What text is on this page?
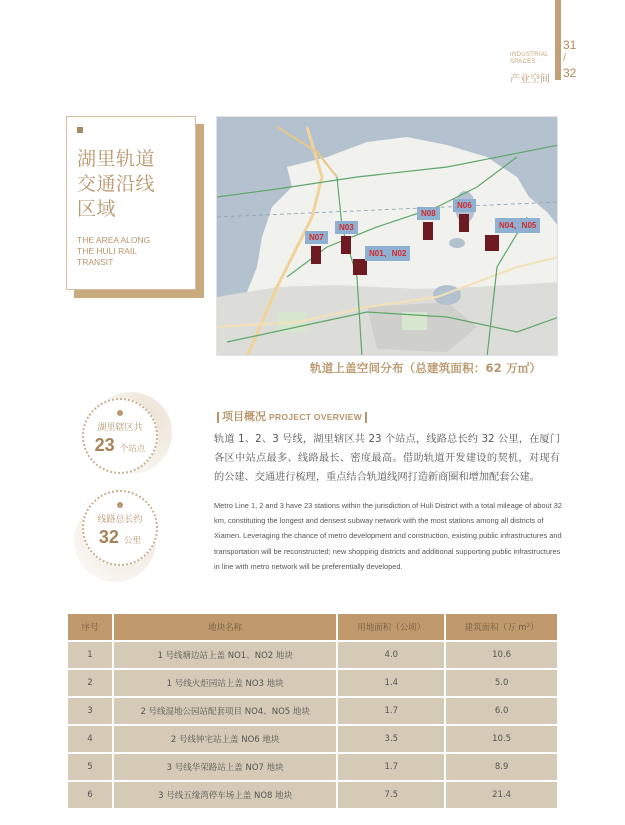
INDUSTRIAL SPACES
产业空间
31
/
32
湖里轨道
交通沿线
区域
THE AREA ALONG
THE HULI RAIL
TRANSIT
N07
N03
N01、N02
N08
N06
N04、N05
轨道上盖空间分布（总建筑面积：62 万㎡）
湖里辖区共
23 个站点
线路总长约
32 公里
项目概况 PROJECT OVERVIEW
轨道 1、2、3 号线，湖里辖区共 23 个站点，线路总长约 32 公里，在厦门各区中站点最多、线路最长、密度最高。借助轨道开发建设的契机，对现有的公建、交通进行梳理，重点结合轨道线网打造新商圈和增加配套公建。
Metro Line 1, 2 and 3 have 23 stations within the jurisdiction of Huli District with a total mileage of about 32 km, constituting the longest and densest subway network with the most stations among all districts of Xiamen. Leveraging the chance of metro development and construction, existing public infrastructures and transportation will be reconstructed; new shopping districts and additional supporting public infrastructures in line with metro network will be preferentially developed.
序号	地块名称	用地面积（公顷）	建筑面积（万 m²）
1	1 号线塘边站上盖 NO1、NO2 地块	4.0	10.6
2	1 号线火炬园站上盖 NO3 地块	1.4	5.0
3	2 号线湿地公园站配套项目 NO4、NO5 地块	1.7	6.0
4	2 号线钟宅站上盖 NO6 地块	3.5	10.5
5	3 号线华荣路站上盖 NO7 地块	1.7	8.9
6	3 号线五缘湾停车场上盖 NO8 地块	7.5	21.4
